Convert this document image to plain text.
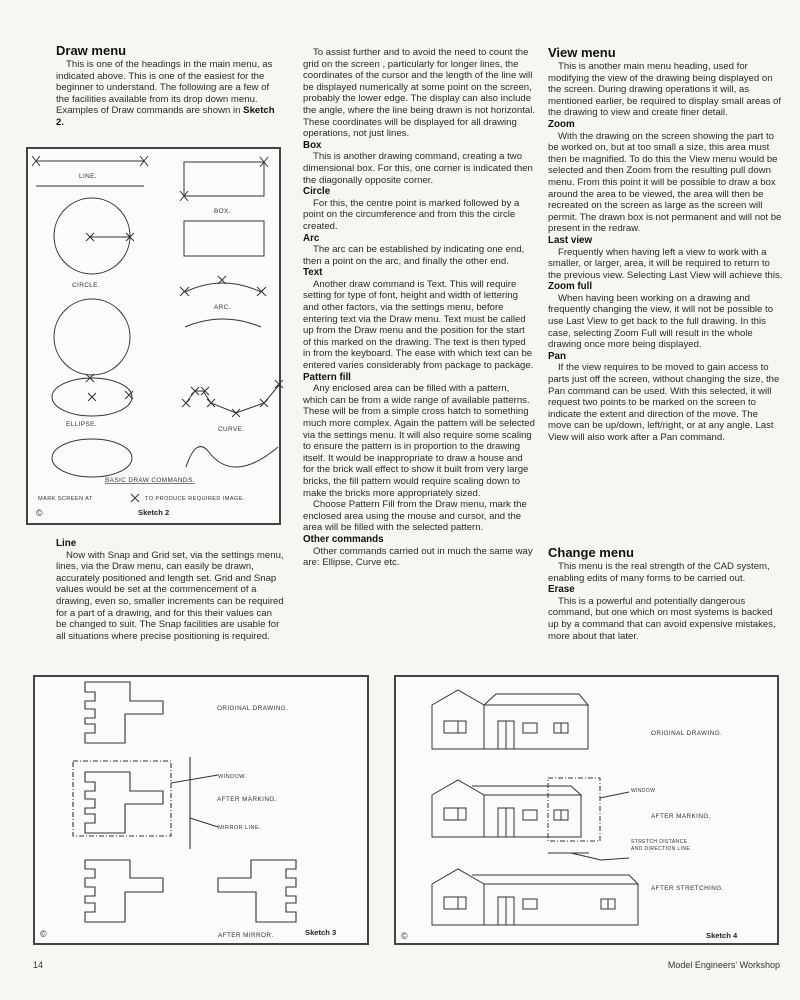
Draw menu

This is one of the headings in the main menu, as indicated above. This is one of the easiest for the beginner to understand. The following are a few of the facilities available from its drop down menu. Examples of Draw commands are shown in Sketch 2.

LINE.
BOX.
CIRCLE.
ARC.
ELLIPSE.
CURVE.
BASIC DRAW COMMANDS.
MARK SCREEN AT	TO PRODUCE REQUIRED IMAGE.
©	Sketch 2
Line

Now with Snap and Grid set, via the settings menu, lines, via the Draw menu, can easily be drawn, accurately positioned and length set. Grid and Snap values would be set at the commencement of a drawing, even so, smaller increments can be required for a part of a drawing, and for this their values can be changed to suit. The Snap facilities are usable for all situations where precise positioning is required.

To assist further and to avoid the need to count the grid on the screen , particularly for longer lines, the coordinates of the cursor and the length of the line will be displayed numerically at some point on the screen, probably the lower edge. The display can also include the angle, where the line being drawn is not horizontal. These coordinates will be displayed for all drawing operations, not just lines.

Box

This is another drawing command, creating a two dimensional box. For this, one corner is indicated then the diagonally opposite corner.

Circle

For this, the centre point is marked followed by a point on the circumference and from this the circle created.

Arc

The arc can be established by indicating one end, then a point on the arc, and finally the other end.

Text

Another draw command is Text. This will require setting for type of font, height and width of lettering and other factors, via the settings menu, before entering text via the Draw menu. Text must be called up from the Draw menu and the position for the start of this marked on the drawing. The text is then typed in from the keyboard. The ease with which text can be entered varies considerably from package to package.

Pattern fill

Any enclosed area can be filled with a pattern, which can be from a wide range of available patterns. These will be from a simple cross hatch to something much more complex. Again the pattern will be selected via the settings menu. It will also require some scaling to ensure the pattern is in proportion to the drawing itself. It would be inappropriate to draw a house and for the brick wall effect to show it built from very large bricks, the fill pattern would require scaling down to make the bricks more appropriately sized.

Choose Pattern Fill from the Draw menu, mark the enclosed area using the mouse and cursor, and the area will be filled with the selected pattern.

Other commands

Other commands carried out in much the same way are: Ellipse, Curve etc.

View menu

This is another main menu heading, used for modifying the view of the drawing being displayed on the screen. During drawing operations it will, as mentioned earlier, be required to display small areas of the drawing to view and create finer detail.

Zoom

With the drawing on the screen showing the part to be worked on, but at too small a size, this area must then be magnified. To do this the View menu would be selected and then Zoom from the resulting pull down menu. From this point it will be possible to draw a box around the area to be viewed, the area will then be recreated on the screen as large as the screen will permit. The drawn box is not permanent and will not be present in the redraw.

Last view

Frequently when having left a view to work with a smaller, or larger, area, it will be required to return to the previous view. Selecting Last View will achieve this.

Zoom full

When having been working on a drawing and frequently changing the view, it will not be possible to use Last View to get back to the full drawing. In this case, selecting Zoom Full will result in the whole drawing once more being displayed.

Pan

If the view requires to be moved to gain access to parts just off the screen, without changing the size, the Pan command can be used. With this selected, it will request two points to be marked on the screen to indicate the extent and direction of the move. The move can be up/down, left/right, or at any angle. Last View will also work after a Pan command.

Change menu

This menu is the real strength of the CAD system, enabling edits of many forms to be carried out.

Erase

This is a powerful and potentially dangerous command, but one which on most systems is backed up by a command that can avoid expensive mistakes, more about that later.

ORIGINAL DRAWING.
WINDOW.
AFTER MARKING.
MIRROR LINE.
AFTER MIRROR.	Sketch 3
©
ORIGINAL DRAWING.
WINDOW
AFTER MARKING.
STRETCH DISTANCE
AND DIRECTION LINE.
AFTER STRETCHING.
Sketch 4
©
14	Model Engineers' Workshop
